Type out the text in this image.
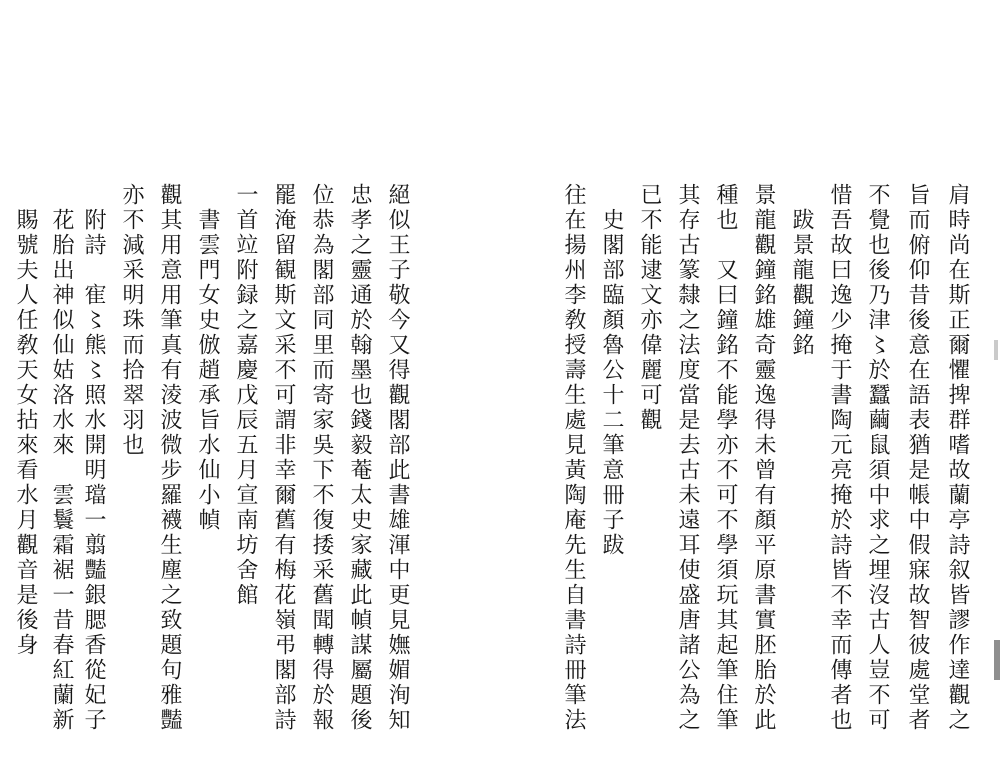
肩時尚在斯正爾懼捭群嗜故蘭亭詩叙皆謬作達觀之
旨而俯仰昔後意在語表猶是帳中假寐故智彼處堂者
不覺也後乃津〻於蠶繭鼠須中求之埋沒古人豈不可
惜吾故曰逸少掩于書陶元亮掩於詩皆不幸而傳者也
跋景龍觀鐘銘
景龍觀鐘銘雄奇靈逸得未曾有顏平原書實胚胎於此
種也　又曰鐘銘不能學亦不可不學須玩其起筆住筆
其存古篆隸之法度當是去古未遠耳使盛唐諸公為之
已不能逮文亦偉麗可觀
史閣部臨顏魯公十二筆意冊子跋
往在揚州李敎授壽生處見黃陶庵先生自書詩冊筆法
絕似王子敬今又得觀閣部此書雄渾中更見嫵媚洵知
忠孝之靈通於翰墨也錢毅菴太史家藏此幀謀屬題後
位恭為閣部同里而寄家吳下不復捼采舊聞轉得於報
罷淹留観斯文采不可謂非幸爾舊有梅花嶺弔閣部詩
一首竝附録之嘉慶戊辰五月宣南坊舍館
書雲門女史倣趙承旨水仙小幀
觀其用意用筆真有淩波微步羅襪生塵之致題句雅豔
亦不減采明珠而拾翠羽也
附詩　寉〻熊〻照水開明璫一翦豔銀腮香從妃子
花胎出神似仙姑洛水來　雲鬟霜裾一昔春紅蘭新
賜號夫人任敎天女拈來看水月觀音是後身
